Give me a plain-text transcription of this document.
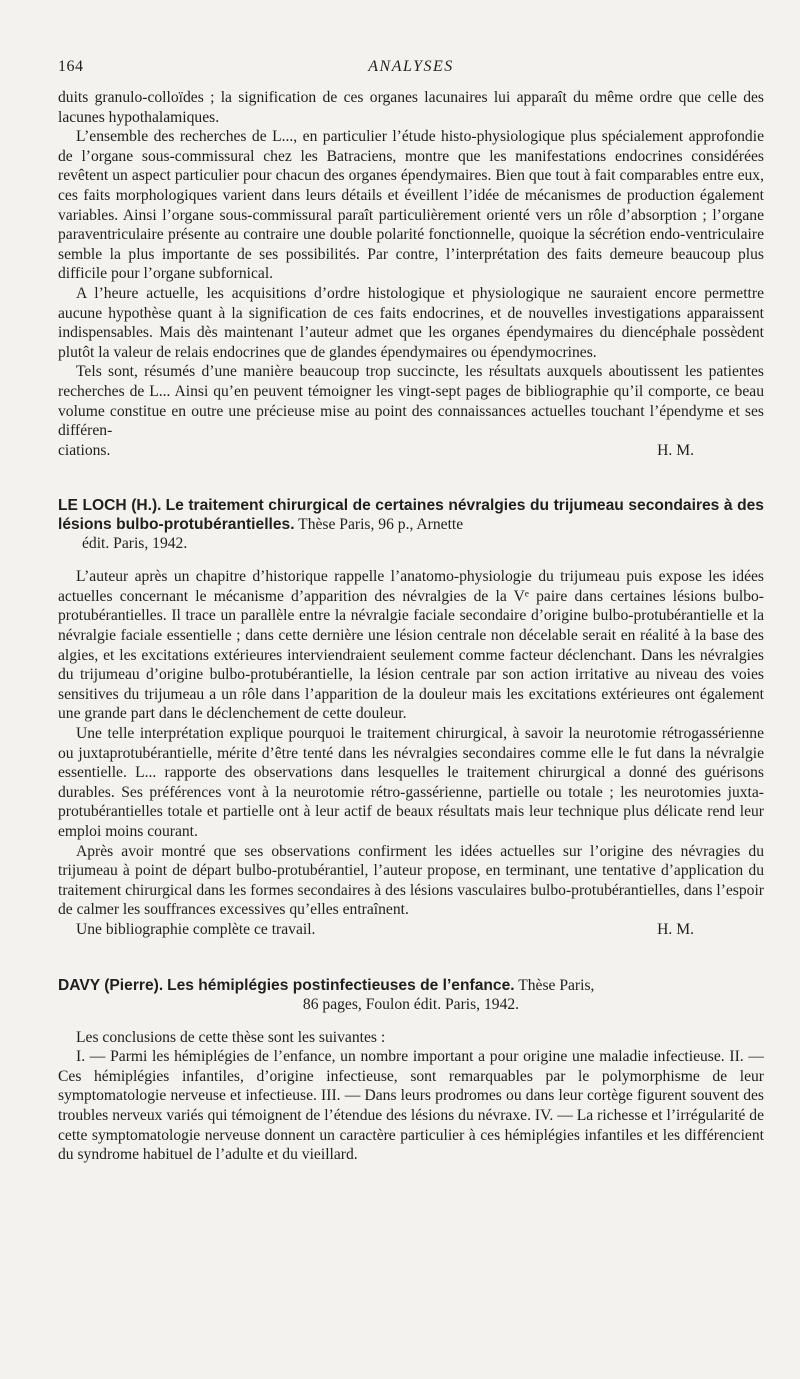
164	ANALYSES

duits granulo-colloïdes ; la signification de ces organes lacunaires lui apparaît du même ordre que celle des lacunes hypothalamiques.

L’ensemble des recherches de L..., en particulier l’étude histo-physiologique plus spécialement approfondie de l’organe sous-commissural chez les Batraciens, montre que les manifestations endocrines considérées revêtent un aspect particulier pour chacun des organes épendymaires. Bien que tout à fait comparables entre eux, ces faits morphologiques varient dans leurs détails et éveillent l’idée de mécanismes de production également variables. Ainsi l’organe sous-commissural paraît particulièrement orienté vers un rôle d’absorption ; l’organe paraventriculaire présente au contraire une double polarité fonctionnelle, quoique la sécrétion endo-ventriculaire semble la plus importante de ses possibilités. Par contre, l’interprétation des faits demeure beaucoup plus difficile pour l’organe subfornical.

A l’heure actuelle, les acquisitions d’ordre histologique et physiologique ne sauraient encore permettre aucune hypothèse quant à la signification de ces faits endocrines, et de nouvelles investigations apparaissent indispensables. Mais dès maintenant l’auteur admet que les organes épendymaires du diencéphale possèdent plutôt la valeur de relais endocrines que de glandes épendymaires ou épendymocrines.

Tels sont, résumés d’une manière beaucoup trop succincte, les résultats auxquels aboutissent les patientes recherches de L... Ainsi qu’en peuvent témoigner les vingt-sept pages de bibliographie qu’il comporte, ce beau volume constitue en outre une précieuse mise au point des connaissances actuelles touchant l’épendyme et ses différen-

ciations.	H. M.
LE LOCH (H.). Le traitement chirurgical de certaines névralgies du trijumeau secondaires à des lésions bulbo-protubérantielles. Thèse Paris, 96 p., Arnette
édit. Paris, 1942.

L’auteur après un chapitre d’historique rappelle l’anatomo-physiologie du trijumeau puis expose les idées actuelles concernant le mécanisme d’apparition des névralgies de la Vᵉ paire dans certaines lésions bulbo-protubérantielles. Il trace un parallèle entre la névralgie faciale secondaire d’origine bulbo-protubérantielle et la névralgie faciale essentielle ; dans cette dernière une lésion centrale non décelable serait en réalité à la base des algies, et les excitations extérieures interviendraient seulement comme facteur déclenchant. Dans les névralgies du trijumeau d’origine bulbo-protubérantielle, la lésion centrale par son action irritative au niveau des voies sensitives du trijumeau a un rôle dans l’apparition de la douleur mais les excitations extérieures ont également une grande part dans le déclenchement de cette douleur.

Une telle interprétation explique pourquoi le traitement chirurgical, à savoir la neurotomie rétrogassérienne ou juxtaprotubérantielle, mérite d’être tenté dans les névralgies secondaires comme elle le fut dans la névralgie essentielle. L... rapporte des observations dans lesquelles le traitement chirurgical a donné des guérisons durables. Ses préférences vont à la neurotomie rétro-gassérienne, partielle ou totale ; les neurotomies juxta-protubérantielles totale et partielle ont à leur actif de beaux résultats mais leur technique plus délicate rend leur emploi moins courant.

Après avoir montré que ses observations confirment les idées actuelles sur l’origine des névragies du trijumeau à point de départ bulbo-protubérantiel, l’auteur propose, en terminant, une tentative d’application du traitement chirurgical dans les formes secondaires à des lésions vasculaires bulbo-protubérantielles, dans l’espoir de calmer les souffrances excessives qu’elles entraînent.

Une bibliographie complète ce travail.	H. M.
DAVY (Pierre). Les hémiplégies postinfectieuses de l’enfance. Thèse Paris,
86 pages, Foulon édit. Paris, 1942.

Les conclusions de cette thèse sont les suivantes :

I. — Parmi les hémiplégies de l’enfance, un nombre important a pour origine une maladie infectieuse. II. — Ces hémiplégies infantiles, d’origine infectieuse, sont remarquables par le polymorphisme de leur symptomatologie nerveuse et infectieuse. III. — Dans leurs prodromes ou dans leur cortège figurent souvent des troubles nerveux variés qui témoignent de l’étendue des lésions du névraxe. IV. — La richesse et l’irrégularité de cette symptomatologie nerveuse donnent un caractère particulier à ces hémiplégies infantiles et les différencient du syndrome habituel de l’adulte et du vieillard.
